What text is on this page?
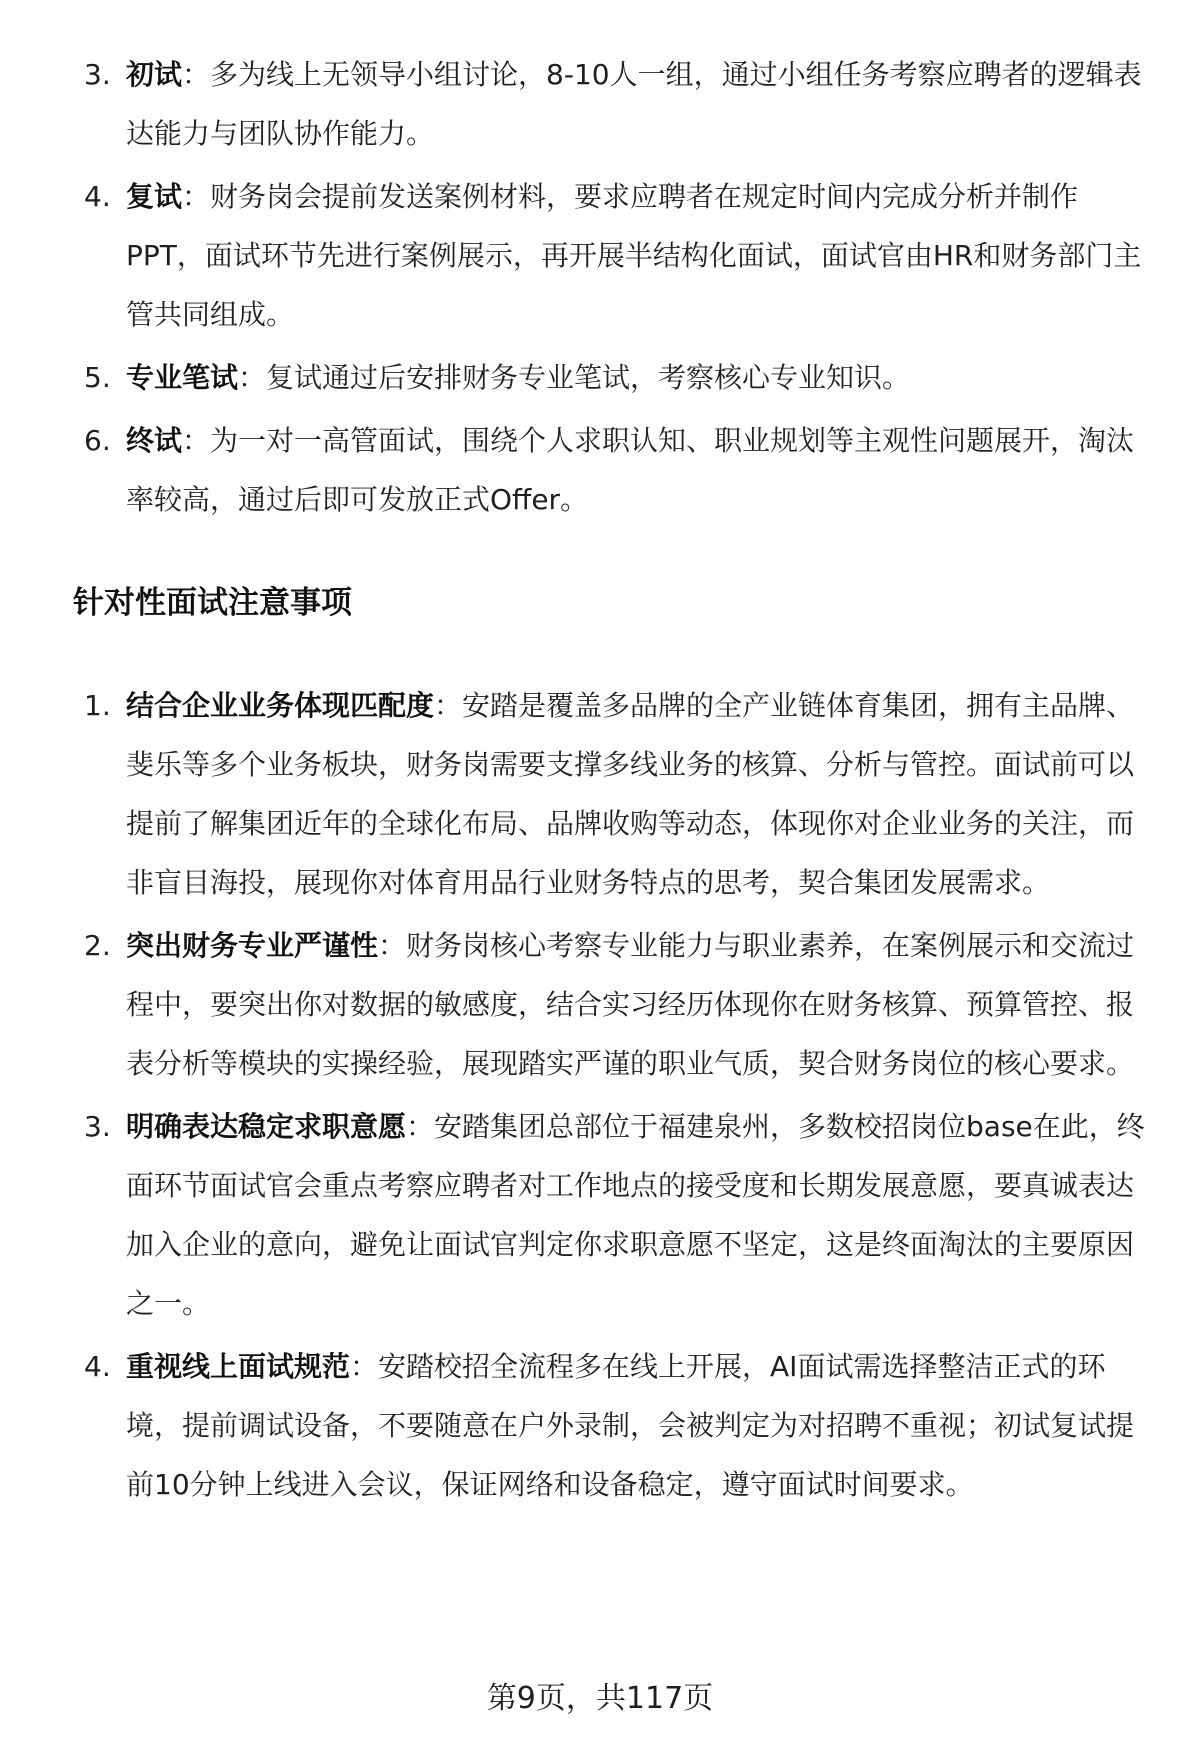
3. 初试：多为线上无领导小组讨论，8-10人一组，通过小组任务考察应聘者的逻辑表达能力与团队协作能力。
4. 复试：财务岗会提前发送案例材料，要求应聘者在规定时间内完成分析并制作PPT，面试环节先进行案例展示，再开展半结构化面试，面试官由HR和财务部门主管共同组成。
5. 专业笔试：复试通过后安排财务专业笔试，考察核心专业知识。
6. 终试：为一对一高管面试，围绕个人求职认知、职业规划等主观性问题展开，淘汰率较高，通过后即可发放正式Offer。
针对性面试注意事项
1. 结合企业业务体现匹配度：安踏是覆盖多品牌的全产业链体育集团，拥有主品牌、斐乐等多个业务板块，财务岗需要支撑多线业务的核算、分析与管控。面试前可以提前了解集团近年的全球化布局、品牌收购等动态，体现你对企业业务的关注，而非盲目海投，展现你对体育用品行业财务特点的思考，契合集团发展需求。
2. 突出财务专业严谨性：财务岗核心考察专业能力与职业素养，在案例展示和交流过程中，要突出你对数据的敏感度，结合实习经历体现你在财务核算、预算管控、报表分析等模块的实操经验，展现踏实严谨的职业气质，契合财务岗位的核心要求。
3. 明确表达稳定求职意愿：安踏集团总部位于福建泉州，多数校招岗位base在此，终面环节面试官会重点考察应聘者对工作地点的接受度和长期发展意愿，要真诚表达加入企业的意向，避免让面试官判定你求职意愿不坚定，这是终面淘汰的主要原因之一。
4. 重视线上面试规范：安踏校招全流程多在线上开展，AI面试需选择整洁正式的环境，提前调试设备，不要随意在户外录制，会被判定为对招聘不重视；初试复试提前10分钟上线进入会议，保证网络和设备稳定，遵守面试时间要求。
第9页，共117页
